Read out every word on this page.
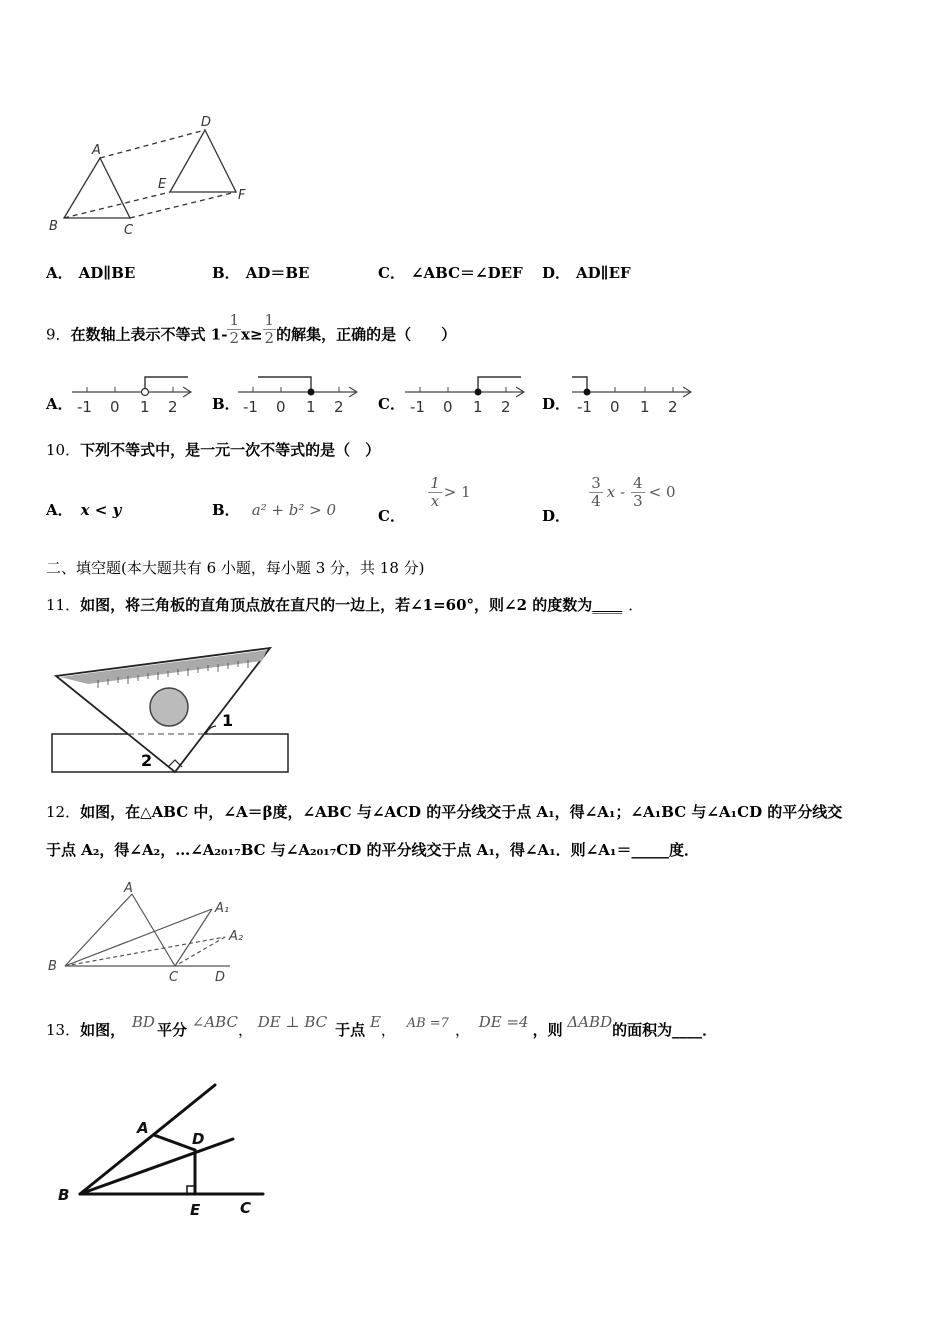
A
B	C
D
E
F
A． AD∥BE	B． AD＝BE	C． ∠ABC＝∠DEF D． AD∥EF
9．在数轴上表示不等式 $1- \frac{1}{2} x\ge \frac{1}{2}$ 的解集，正确的是（　　）
A．	B．	C．	D．
-1 0 1 2	-1 0 1 2	-1 0 1 2	-1 0 1 2
10．下列不等式中，是一元一次不等式的是（　）
A． x < y	B． a² + b² > 0	C．
$\frac{1}{x} > 1$
D．
$\frac{3}{4}$ $x - \frac{4}{3} < 0$
二、填空题(本大题共有 6 小题，每小题 3 分，共 18 分)
11．如图，将三角板的直角顶点放在直尺的一边上，若∠1=60°，则∠2 的度数为____ ．
1
2
12．如图，在△ABC 中，∠A＝β度，∠ABC 与∠ACD 的平分线交于点 A₁，得∠A₁；∠A₁BC 与∠A₁CD 的平分线交
于点 A₂，得∠A₂，…∠A₂₀₁₇BC 与∠A₂₀₁₇CD 的平分线交于点 A₁，得∠A₁．则∠A₁＝_____度．
A
A₁
A₂
B
C	D
13．如图， BD 平分 ∠ABC， DE ⊥ BC 于点 E， AB =7 ， DE =4 ，则 ΔABD的面积为____．
A
D
B
E	C
